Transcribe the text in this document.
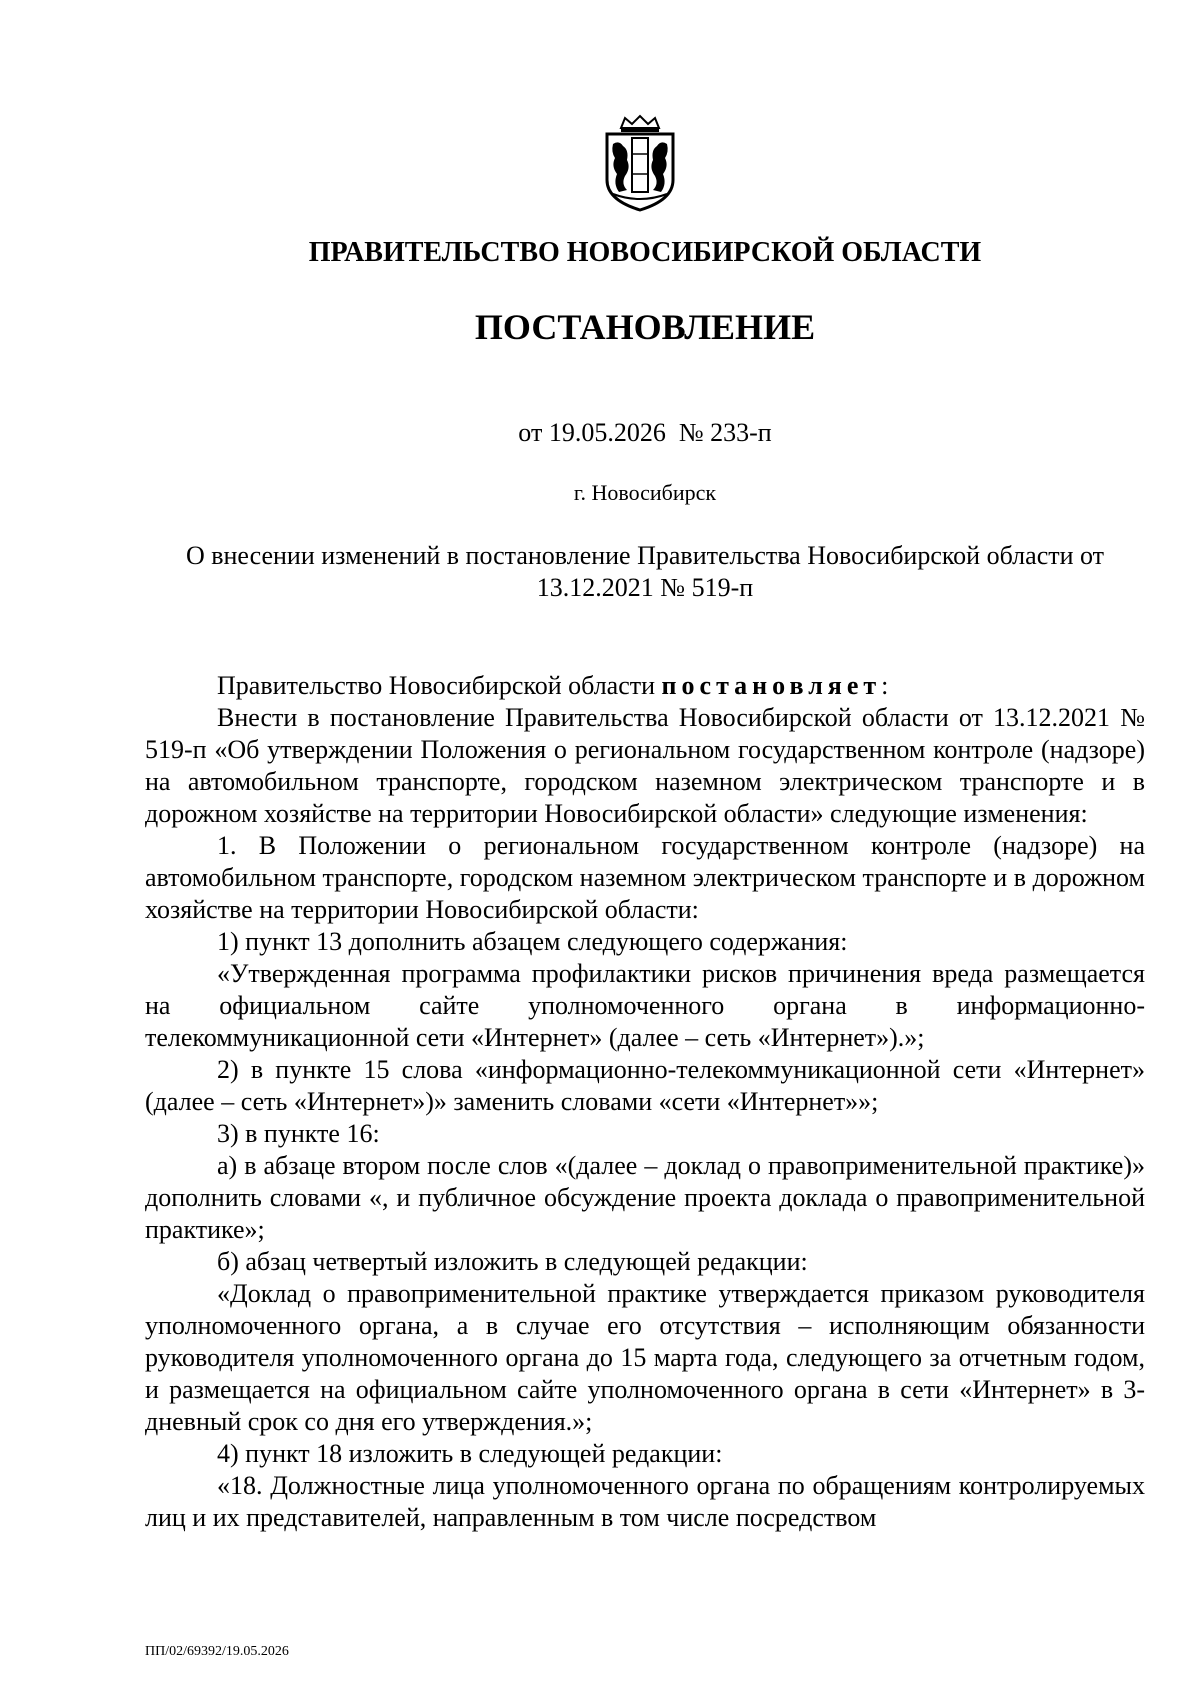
ПРАВИТЕЛЬСТВО НОВОСИБИРСКОЙ ОБЛАСТИ
ПОСТАНОВЛЕНИЕ
от 19.05.2026  № 233-п
г. Новосибирск
О внесении изменений в постановление Правительства Новосибирской области от 13.12.2021 № 519-п

Правительство Новосибирской области постановляет:

Внести в постановление Правительства Новосибирской области от 13.12.2021 № 519-п «Об утверждении Положения о региональном государственном контроле (надзоре) на автомобильном транспорте, городском наземном электрическом транспорте и в дорожном хозяйстве на территории Новосибирской области» следующие изменения:

1. В Положении о региональном государственном контроле (надзоре) на автомобильном транспорте, городском наземном электрическом транспорте и в дорожном хозяйстве на территории Новосибирской области:

1) пункт 13 дополнить абзацем следующего содержания:

«Утвержденная программа профилактики рисков причинения вреда размещается на официальном сайте уполномоченного органа в информационно-телекоммуникационной сети «Интернет» (далее – сеть «Интернет»).»;

2) в пункте 15 слова «информационно-телекоммуникационной сети «Интернет» (далее – сеть «Интернет»)» заменить словами «сети «Интернет»»;

3) в пункте 16:

а) в абзаце втором после слов «(далее – доклад о правоприменительной практике)» дополнить словами «, и публичное обсуждение проекта доклада о правоприменительной практике»;

б) абзац четвертый изложить в следующей редакции:

«Доклад о правоприменительной практике утверждается приказом руководителя уполномоченного органа, а в случае его отсутствия – исполняющим обязанности руководителя уполномоченного органа до 15 марта года, следующего за отчетным годом, и размещается на официальном сайте уполномоченного органа в сети «Интернет» в 3-дневный срок со дня его утверждения.»;

4) пункт 18 изложить в следующей редакции:

«18. Должностные лица уполномоченного органа по обращениям контролируемых лиц и их представителей, направленным в том числе посредством

ПП/02/69392/19.05.2026
